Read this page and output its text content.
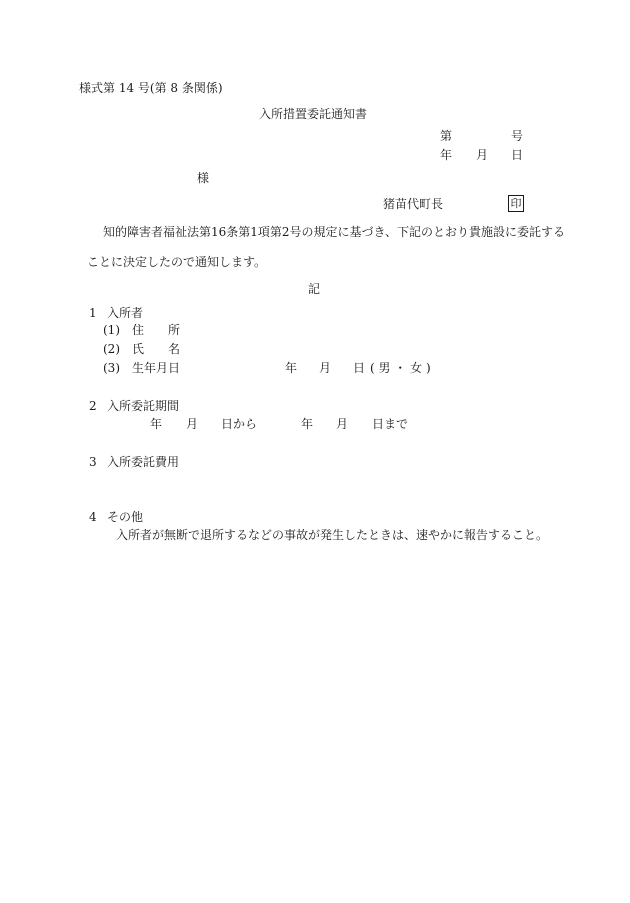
様式第 14 号(第 8 条関係)
入所措置委託通知書
第	号
年 月 日
様
猪苗代町長	印
知的障害者福祉法第16条第1項第2号の規定に基づき、下記のとおり貴施設に委託する
ことに決定したので通知します。
記
1 入所者
(1) 住 所
(2) 氏 名
(3) 生年月日	年 月 日 ( 男 ・ 女 )
2 入所委託期間
年 月 日から	年 月 日まで
3 入所委託費用
4 その他
入所者が無断で退所するなどの事故が発生したときは、速やかに報告すること。
